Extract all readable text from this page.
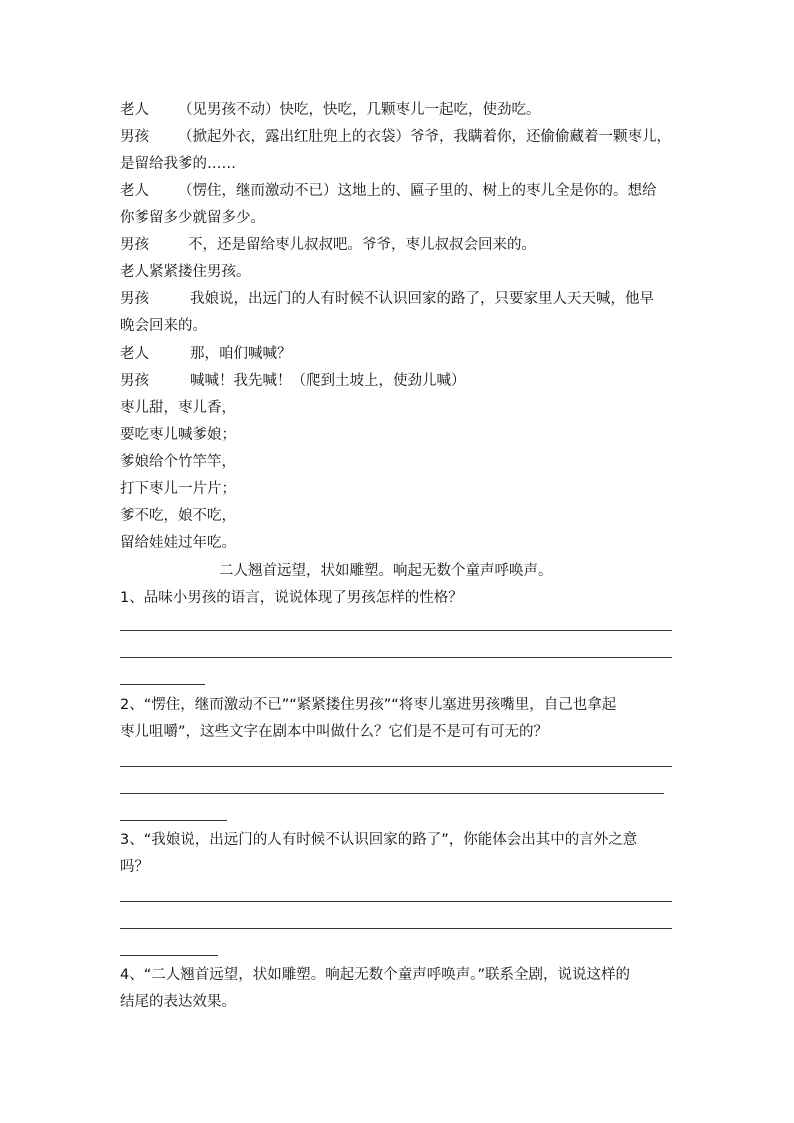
老人 （见男孩不动）快吃，快吃，几颗枣儿一起吃，使劲吃。
男孩 （掀起外衣，露出红肚兜上的衣袋）爷爷，我瞒着你，还偷偷藏着一颗枣儿，
是留给我爹的……
老人 （愣住，继而激动不已）这地上的、匾子里的、树上的枣儿全是你的。想给
你爹留多少就留多少。
男孩	不，还是留给枣儿叔叔吧。爷爷，枣儿叔叔会回来的。
老人紧紧搂住男孩。
男孩	我娘说，出远门的人有时候不认识回家的路了，只要家里人天天喊，他早
晚会回来的。
老人	那，咱们喊喊？
男孩	喊喊！我先喊！（爬到土坡上，使劲儿喊）
枣儿甜，枣儿香，
要吃枣儿喊爹娘；
爹娘给个竹竿竿，
打下枣儿一片片；
爹不吃，娘不吃，
留给娃娃过年吃。
二人翘首远望，状如雕塑。响起无数个童声呼唤声。
1、品味小男孩的语言，说说体现了男孩怎样的性格？
2、“愣住，继而激动不已”“紧紧搂住男孩”“将枣儿塞进男孩嘴里，自己也拿起
枣儿咀嚼”，这些文字在剧本中叫做什么？它们是不是可有可无的？
3、“我娘说，出远门的人有时候不认识回家的路了”，你能体会出其中的言外之意
吗？
4、“二人翘首远望，状如雕塑。响起无数个童声呼唤声。”联系全剧，说说这样的
结尾的表达效果。
